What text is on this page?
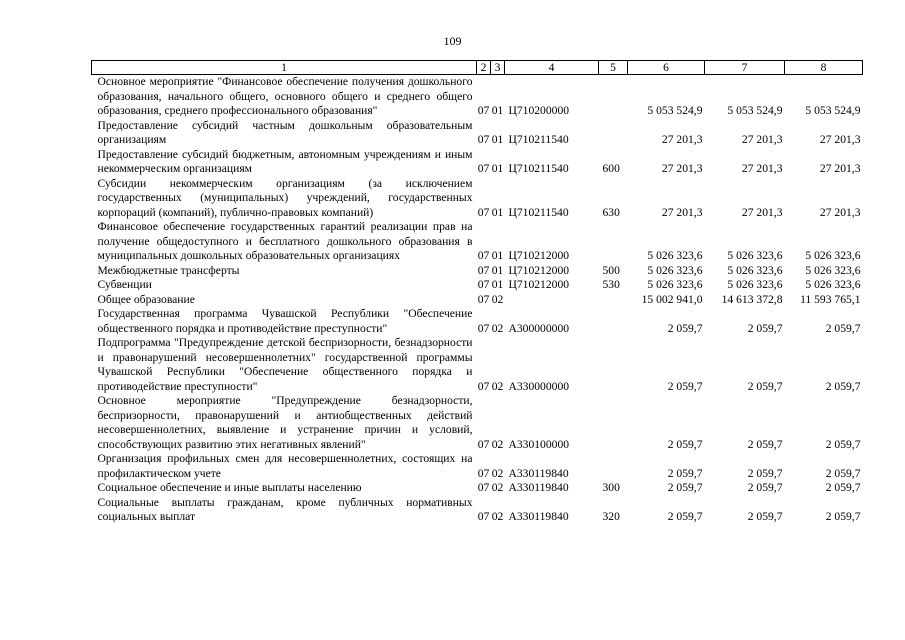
109
1	2	3	4	5	6	7	8
Основное мероприятие "Финансовое обеспечение получения дошкольного образования, начального общего, основного общего и среднего общего образования, среднего профессионального образования"	07	01	Ц710200000		5 053 524,9	5 053 524,9	5 053 524,9
Предоставление субсидий частным дошкольным образовательным организациям	07	01	Ц710211540		27 201,3	27 201,3	27 201,3
Предоставление субсидий бюджетным, автономным учреждениям и иным некоммерческим организациям	07	01	Ц710211540	600	27 201,3	27 201,3	27 201,3
Субсидии некоммерческим организациям (за исключением государственных (муниципальных) учреждений, государственных корпораций (компаний), публично-правовых компаний)	07	01	Ц710211540	630	27 201,3	27 201,3	27 201,3
Финансовое обеспечение государственных гарантий реализации прав на получение общедоступного и бесплатного дошкольного образования в муниципальных дошкольных образовательных организациях	07	01	Ц710212000		5 026 323,6	5 026 323,6	5 026 323,6
Межбюджетные трансферты	07	01	Ц710212000	500	5 026 323,6	5 026 323,6	5 026 323,6
Субвенции	07	01	Ц710212000	530	5 026 323,6	5 026 323,6	5 026 323,6
Общее образование	07	02			15 002 941,0	14 613 372,8	11 593 765,1
Государственная программа Чувашской Республики "Обеспечение общественного порядка и противодействие преступности"	07	02	А300000000		2 059,7	2 059,7	2 059,7
Подпрограмма "Предупреждение детской беспризорности, безнадзорности и правонарушений несовершеннолетних" государственной программы Чувашской Республики "Обеспечение общественного порядка и противодействие преступности"	07	02	А330000000		2 059,7	2 059,7	2 059,7
Основное мероприятие "Предупреждение безнадзорности, беспризорности, правонарушений и антиобщественных действий несовершеннолетних, выявление и устранение причин и условий, способствующих развитию этих негативных явлений"	07	02	А330100000		2 059,7	2 059,7	2 059,7
Организация профильных смен для несовершеннолетних, состоящих на профилактическом учете	07	02	А330119840		2 059,7	2 059,7	2 059,7
Социальное обеспечение и иные выплаты населению	07	02	А330119840	300	2 059,7	2 059,7	2 059,7
Социальные выплаты гражданам, кроме публичных нормативных социальных выплат	07	02	А330119840	320	2 059,7	2 059,7	2 059,7
